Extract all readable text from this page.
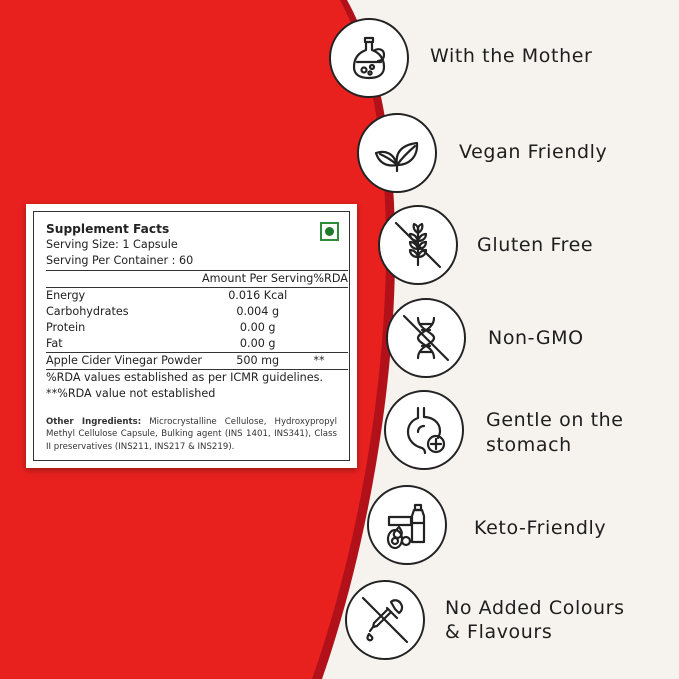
Supplement Facts
Serving Size: 1 Capsule
Serving Per Container : 60
	Amount Per Serving	%RDA
Energy	0.016 Kcal	
Carbohydrates	0.004 g	
Protein	0.00 g	
Fat	0.00 g	
Apple Cider Vinegar Powder	500 mg	**
%RDA values established as per ICMR guidelines.
**%RDA value not established
Other Ingredients: Microcrystalline Cellulose, Hydroxypropyl Methyl Cellulose Capsule, Bulking agent (INS 1401, INS341), Class II preservatives (INS211, INS217 & INS219).
With the Mother
Vegan Friendly
Gluten Free
Non-GMO
Gentle on the
stomach
Keto-Friendly
No Added Colours
& Flavours
